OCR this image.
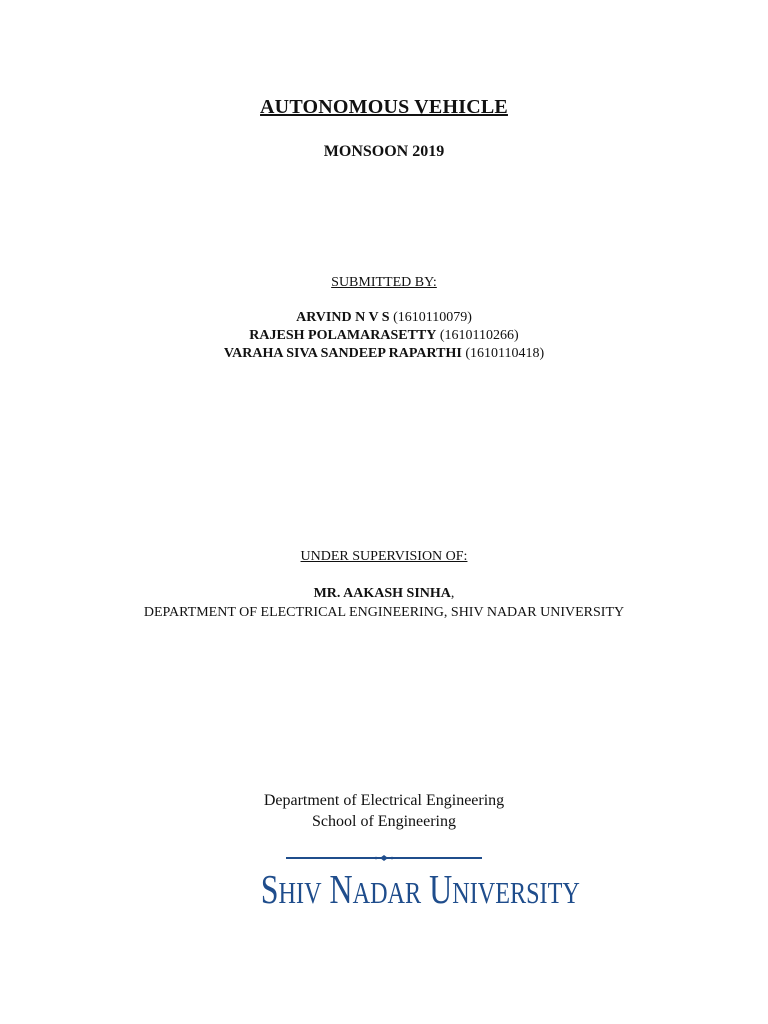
AUTONOMOUS VEHICLE
MONSOON 2019
SUBMITTED BY:
ARVIND N V S (1610110079)
RAJESH POLAMARASETTY (1610110266)
VARAHA SIVA SANDEEP RAPARTHI (1610110418)
UNDER SUPERVISION OF:
MR. AAKASH SINHA,
DEPARTMENT OF ELECTRICAL ENGINEERING, SHIV NADAR UNIVERSITY
Department of Electrical Engineering
School of Engineering
SHIV NADAR UNIVERSITY
